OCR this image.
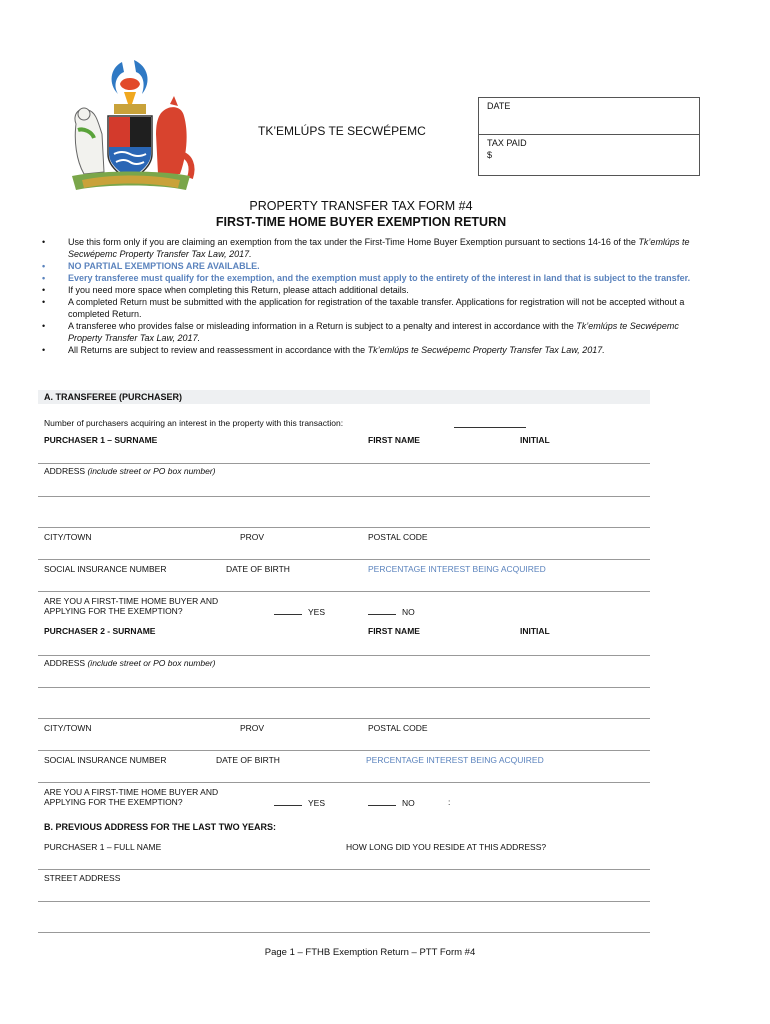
TK’EMLÚPS TE SECWÉPEMC
DATE
TAX PAID
$
PROPERTY TRANSFER TAX FORM #4
FIRST-TIME HOME BUYER EXEMPTION RETURN
•	Use this form only if you are claiming an exemption from the tax under the First-Time Home Buyer Exemption pursuant to sections 14-16 of the Tk’emlúps te Secwépemc Property Transfer Tax Law, 2017.
•	NO PARTIAL EXEMPTIONS ARE AVAILABLE.
•	Every transferee must qualify for the exemption, and the exemption must apply to the entirety of the interest in land that is subject to the transfer.
•	If you need more space when completing this Return, please attach additional details.
•	A completed Return must be submitted with the application for registration of the taxable transfer. Applications for registration will not be accepted without a completed Return.
•	A transferee who provides false or misleading information in a Return is subject to a penalty and interest in accordance with the Tk’emlúps te Secwépemc Property Transfer Tax Law, 2017.
•	All Returns are subject to review and reassessment in accordance with the Tk’emlúps te Secwépemc Property Transfer Tax Law, 2017.
A. TRANSFEREE (PURCHASER)
Number of purchasers acquiring an interest in the property with this transaction:
PURCHASER 1 – SURNAME	FIRST NAME	INITIAL
ADDRESS (include street or PO box number)
CITY/TOWN	PROV	POSTAL CODE
SOCIAL INSURANCE NUMBER	DATE OF BIRTH	PERCENTAGE INTEREST BEING ACQUIRED
ARE YOU A FIRST-TIME HOME BUYER AND
APPLYING FOR THE EXEMPTION?	YES	NO
PURCHASER 2 - SURNAME	FIRST NAME	INITIAL
ADDRESS (include street or PO box number)
CITY/TOWN	PROV	POSTAL CODE
SOCIAL INSURANCE NUMBER	DATE OF BIRTH	PERCENTAGE INTEREST BEING ACQUIRED
ARE YOU A FIRST-TIME HOME BUYER AND
APPLYING FOR THE EXEMPTION?	YES	NO	:
B. PREVIOUS ADDRESS FOR THE LAST TWO YEARS:
PURCHASER 1 – FULL NAME	HOW LONG DID YOU RESIDE AT THIS ADDRESS?
STREET ADDRESS
Page 1 – FTHB Exemption Return – PTT Form #4
